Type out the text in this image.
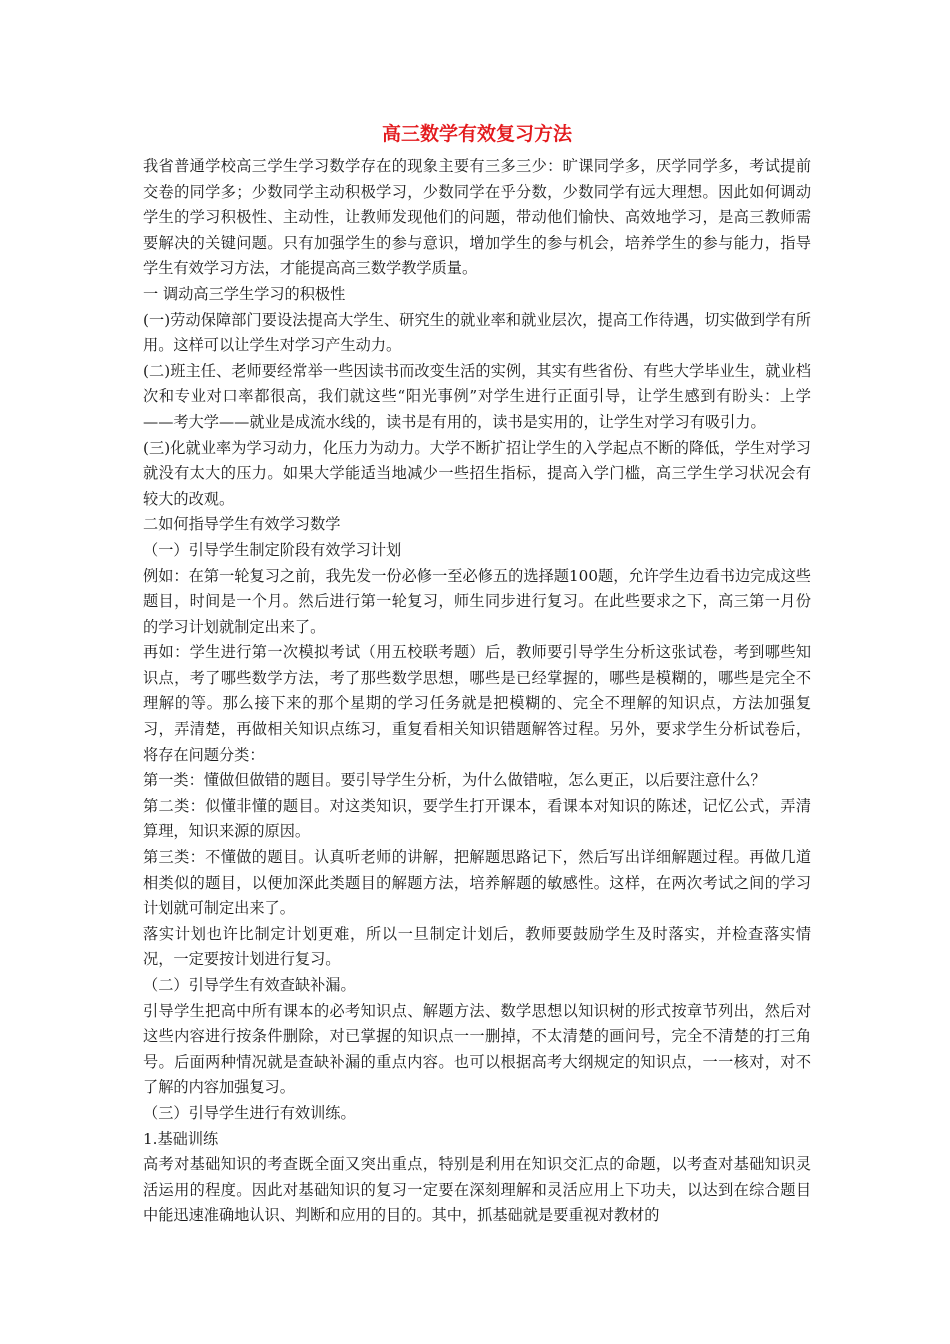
高三数学有效复习方法

我省普通学校高三学生学习数学存在的现象主要有三多三少：旷课同学多，厌学同学多，考试提前交卷的同学多；少数同学主动积极学习，少数同学在乎分数，少数同学有远大理想。因此如何调动学生的学习积极性、主动性，让教师发现他们的问题，带动他们愉快、高效地学习，是高三教师需要解决的关键问题。只有加强学生的参与意识，增加学生的参与机会，培养学生的参与能力，指导学生有效学习方法，才能提高高三数学教学质量。

一 调动高三学生学习的积极性

(一)劳动保障部门要设法提高大学生、研究生的就业率和就业层次，提高工作待遇，切实做到学有所用。这样可以让学生对学习产生动力。

(二)班主任、老师要经常举一些因读书而改变生活的实例，其实有些省份、有些大学毕业生，就业档次和专业对口率都很高，我们就这些“阳光事例”对学生进行正面引导，让学生感到有盼头：上学——考大学——就业是成流水线的，读书是有用的，读书是实用的，让学生对学习有吸引力。

(三)化就业率为学习动力，化压力为动力。大学不断扩招让学生的入学起点不断的降低，学生对学习就没有太大的压力。如果大学能适当地减少一些招生指标，提高入学门槛，高三学生学习状况会有较大的改观。

二如何指导学生有效学习数学

（一）引导学生制定阶段有效学习计划

例如：在第一轮复习之前，我先发一份必修一至必修五的选择题100题，允许学生边看书边完成这些题目，时间是一个月。然后进行第一轮复习，师生同步进行复习。在此些要求之下，高三第一月份的学习计划就制定出来了。

再如：学生进行第一次模拟考试（用五校联考题）后，教师要引导学生分析这张试卷，考到哪些知识点，考了哪些数学方法，考了那些数学思想，哪些是已经掌握的，哪些是模糊的，哪些是完全不理解的等。那么接下来的那个星期的学习任务就是把模糊的、完全不理解的知识点，方法加强复习，弄清楚，再做相关知识点练习，重复看相关知识错题解答过程。另外，要求学生分析试卷后，将存在问题分类：

第一类：懂做但做错的题目。要引导学生分析，为什么做错啦，怎么更正，以后要注意什么？

第二类：似懂非懂的题目。对这类知识，要学生打开课本，看课本对知识的陈述，记忆公式，弄清算理，知识来源的原因。

第三类：不懂做的题目。认真听老师的讲解，把解题思路记下，然后写出详细解题过程。再做几道相类似的题目，以便加深此类题目的解题方法，培养解题的敏感性。这样，在两次考试之间的学习计划就可制定出来了。

落实计划也许比制定计划更难，所以一旦制定计划后，教师要鼓励学生及时落实，并检查落实情况，一定要按计划进行复习。

（二）引导学生有效查缺补漏。

引导学生把高中所有课本的必考知识点、解题方法、数学思想以知识树的形式按章节列出，然后对这些内容进行按条件删除，对已掌握的知识点一一删掉，不太清楚的画问号，完全不清楚的打三角号。后面两种情况就是查缺补漏的重点内容。也可以根据高考大纲规定的知识点，一一核对，对不了解的内容加强复习。

（三）引导学生进行有效训练。

1.基础训练

高考对基础知识的考查既全面又突出重点，特别是利用在知识交汇点的命题，以考查对基础知识灵活运用的程度。因此对基础知识的复习一定要在深刻理解和灵活应用上下功夫，以达到在综合题目中能迅速准确地认识、判断和应用的目的。其中，抓基础就是要重视对教材的
